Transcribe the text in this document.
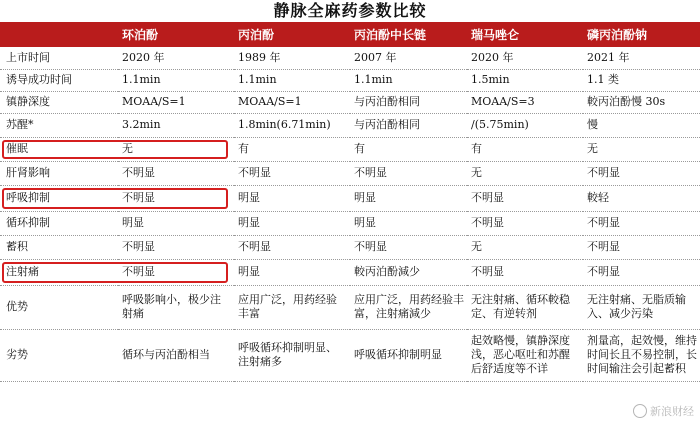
静脉全麻药参数比较
	环泊酚	丙泊酚	丙泊酚中长链	瑞马唑仑	磷丙泊酚钠
上市时间	2020 年	1989 年	2007 年	2020 年	2021 年
诱导成功时间	1.1min	1.1min	1.1min	1.5min	1.1 类
镇静深度	MOAA/S=1	MOAA/S=1	与丙泊酚相同	MOAA/S=3	較丙泊酚慢 30s
苏醒*	3.2min	1.8min(6.71min)	与丙泊酚相同	/(5.75min)	慢

催眠	无	有	有	有	无
肝肾影响	不明显	不明显	不明显	无	不明显

呼吸抑制	不明显	明显	明显	不明显	較轻
循环抑制	明显	明显	明显	不明显	不明显
蓄积	不明显	不明显	不明显	无	不明显

注射痛	不明显	明显	較丙泊酚減少	不明显	不明显
优势	呼吸影响小，极少注射痛	应用广泛，用药经验丰富	应用广泛，用药经验丰富，注射痛減少	无注射痛、循环較稳定、有逆转剂	无注射痛、无脂质输入、减少污染
劣势	循环与丙泊酚相当	呼吸循环抑制明显、注射痛多	呼吸循环抑制明显	起效略慢，镇静深度浅，恶心呕吐和苏醒后舒适度等不详	剂量高，起效慢，维持时间长且不易控制，长时间输注会引起蓄积
新浪财经
